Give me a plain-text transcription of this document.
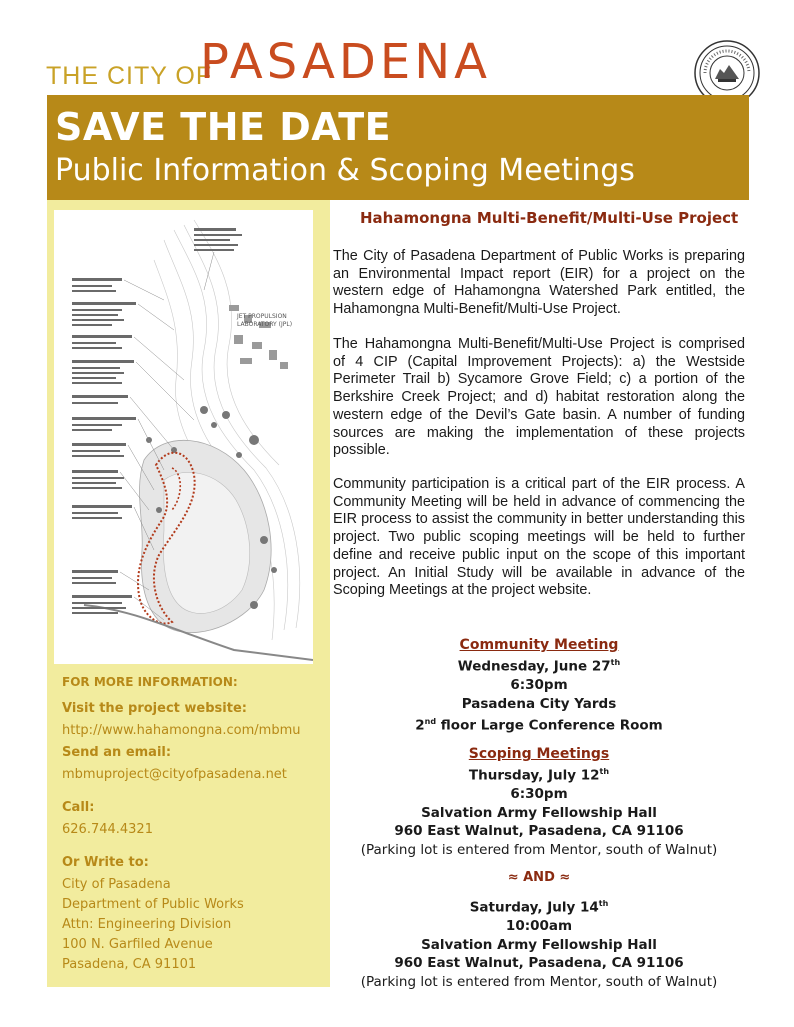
THE CITY OF
PASADENA
SAVE THE DATE
Public Information & Scoping Meetings
JET PROPULSION
LABORATORY (JPL)
FOR MORE INFORMATION:
Visit the project website:
http://www.hahamongna.com/mbmu
Send an email:
mbmuproject@cityofpasadena.net
Call:
626.744.4321
Or Write to:
City of Pasadena
Department of Public Works
Attn: Engineering Division
100 N. Garfiled Avenue
Pasadena, CA 91101
Hahamongna Multi-Benefit/Multi-Use Project

The City of Pasadena Department of Public Works is preparing an Environmental Impact report (EIR) for a project on the western edge of Hahamongna Watershed Park entitled, the Hahamongna Multi-Benefit/Multi-Use Project.

The Hahamongna Multi-Benefit/Multi-Use Project is comprised of 4 CIP (Capital Improvement Projects): a) the Westside Perimeter Trail b) Sycamore Grove Field; c) a portion of the Berkshire Creek Project; and d) habitat restoration along the western edge of the Devil’s Gate basin. A number of funding sources are making the implementation of these projects possible.

Community participation is a critical part of the EIR process. A Community Meeting will be held in advance of commencing the EIR process to assist the community in better understanding this project. Two public scoping meetings will be held to further define and receive public input on the scope of this important project. An Initial Study will be available in advance of the Scoping Meetings at the project website.

Community Meeting
Wednesday, June 27th
6:30pm
Pasadena City Yards
2nd floor Large Conference Room
Scoping Meetings
Thursday, July 12th
6:30pm
Salvation Army Fellowship Hall
960 East Walnut, Pasadena, CA 91106
(Parking lot is entered from Mentor, south of Walnut)
≈ AND ≈
Saturday, July 14th
10:00am
Salvation Army Fellowship Hall
960 East Walnut, Pasadena, CA 91106
(Parking lot is entered from Mentor, south of Walnut)
